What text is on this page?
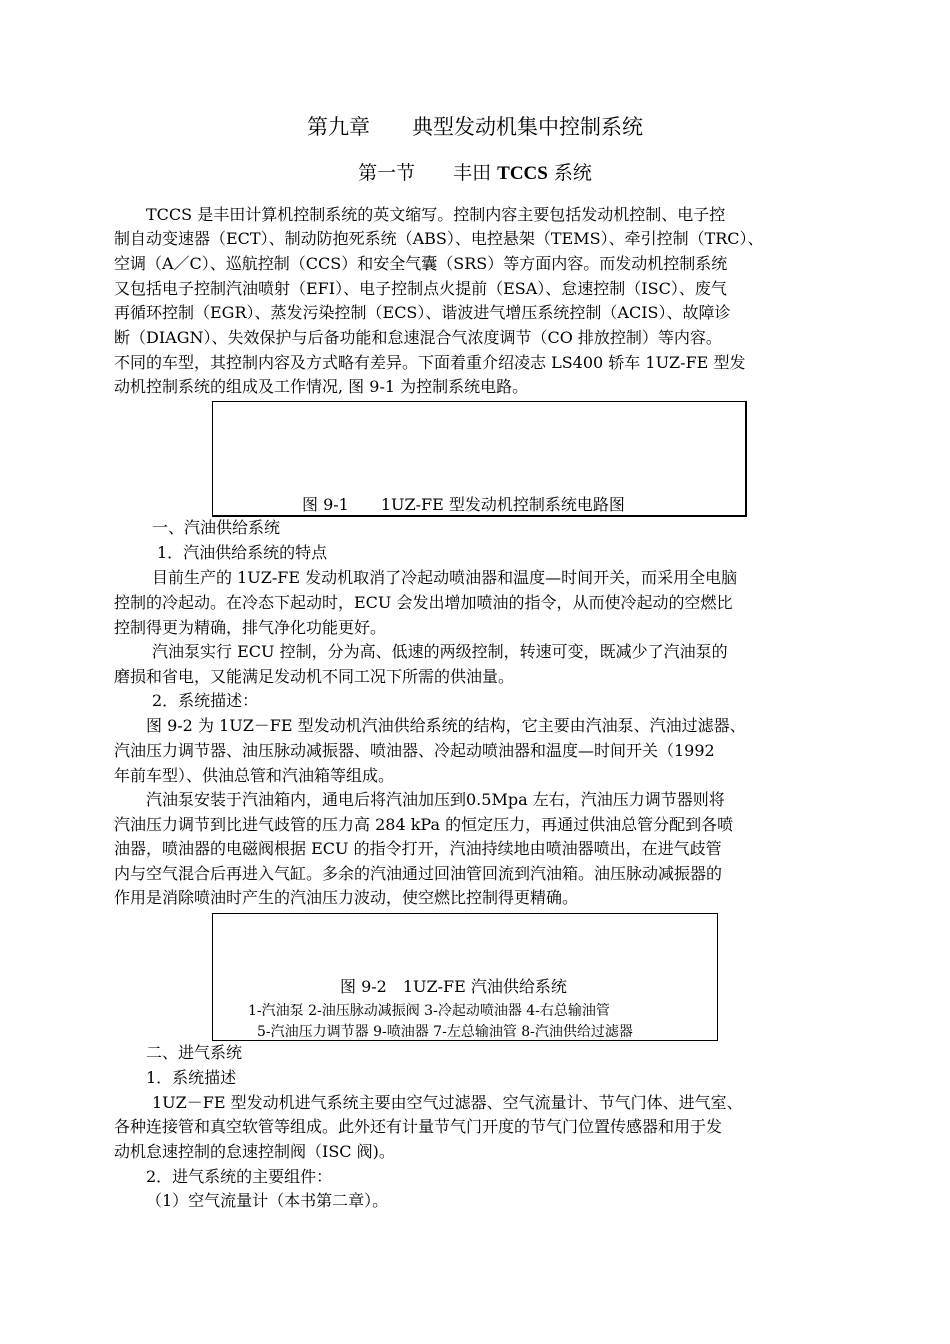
第九章　　典型发动机集中控制系统
第一节　　丰田 TCCS 系统
TCCS 是丰田计算机控制系统的英文缩写。控制内容主要包括发动机控制、电子控
制自动变速器（ECT）、制动防抱死系统（ABS）、电控悬架（TEMS）、牵引控制（TRC）、
空调（A／C）、巡航控制（CCS）和安全气囊（SRS）等方面内容。而发动机控制系统
又包括电子控制汽油喷射（EFI）、电子控制点火提前（ESA）、怠速控制（ISC）、废气
再循环控制（EGR）、蒸发污染控制（ECS）、谐波进气增压系统控制（ACIS）、故障诊
断（DIAGN）、失效保护与后备功能和怠速混合气浓度调节（CO 排放控制）等内容。
不同的车型，其控制内容及方式略有差异。下面着重介绍凌志 LS400 轿车 1UZ-FE 型发
动机控制系统的组成及工作情况, 图 9-1 为控制系统电路。
图 9-1　　1UZ-FE 型发动机控制系统电路图
一、汽油供给系统
1．汽油供给系统的特点
目前生产的 1UZ-FE 发动机取消了冷起动喷油器和温度—时间开关，而采用全电脑
控制的冷起动。在冷态下起动时，ECU 会发出增加喷油的指令，从而使冷起动的空燃比
控制得更为精确，排气净化功能更好。
汽油泵实行 ECU 控制，分为高、低速的两级控制，转速可变，既减少了汽油泵的
磨损和省电，又能满足发动机不同工况下所需的供油量。
2．系统描述：
图 9-2 为 1UZ－FE 型发动机汽油供给系统的结构，它主要由汽油泵、汽油过滤器、
汽油压力调节器、油压脉动减振器、喷油器、冷起动喷油器和温度—时间开关（1992
年前车型）、供油总管和汽油箱等组成。
汽油泵安装于汽油箱内，通电后将汽油加压到0.5Mpa 左右，汽油压力调节器则将
汽油压力调节到比进气歧管的压力高 284 kPa 的恒定压力，再通过供油总管分配到各喷
油器，喷油器的电磁阀根据 ECU 的指令打开，汽油持续地由喷油器喷出，在进气歧管
内与空气混合后再进入气缸。多余的汽油通过回油管回流到汽油箱。油压脉动减振器的
作用是消除喷油时产生的汽油压力波动，使空燃比控制得更精确。
图 9-2　1UZ-FE 汽油供给系统
1-汽油泵 2-油压脉动减振阀 3-冷起动喷油器 4-右总输油管
5-汽油压力调节器 9-喷油器 7-左总输油管 8-汽油供给过滤器
二、进气系统
1．系统描述
1UZ－FE 型发动机进气系统主要由空气过滤器、空气流量计、节气门体、进气室、
各种连接管和真空软管等组成。此外还有计量节气门开度的节气门位置传感器和用于发
动机怠速控制的怠速控制阀（ISC 阀)。
2．进气系统的主要组件：
（1）空气流量计（本书第二章）。
